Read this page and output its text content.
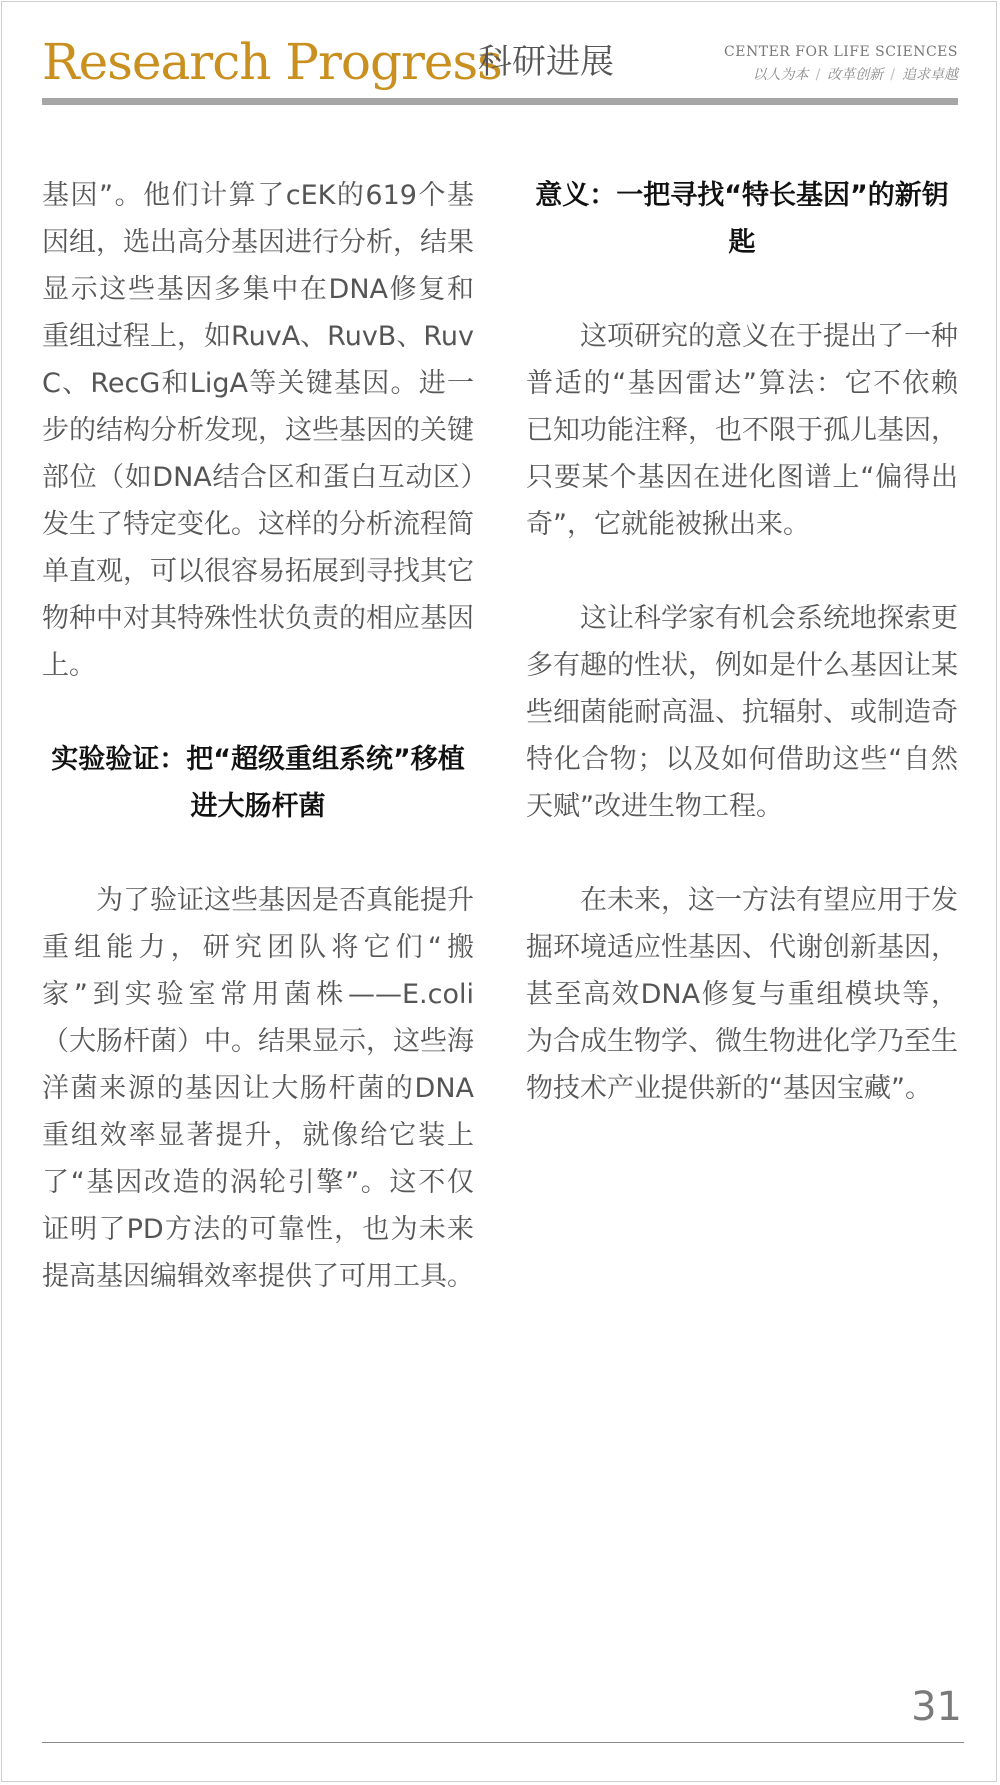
Research Progress
科研进展	CENTER FOR LIFE SCIENCES
以人为本 / 改革创新 / 追求卓越

基因”。他们计算了cEK的619个基因组，选出高分基因进行分析，结果显示这些基因多集中在DNA修复和重组过程上，如RuvA、RuvB、RuvC、RecG和LigA等关键基因。进一步的结构分析发现，这些基因的关键部位（如DNA结合区和蛋白互动区）发生了特定变化。这样的分析流程简单直观，可以很容易拓展到寻找其它物种中对其特殊性状负责的相应基因上。

实验验证：把“超级重组系统”移植进大肠杆菌

为了验证这些基因是否真能提升重组能力，研究团队将它们“搬家”到实验室常用菌株——E.coli（大肠杆菌）中。结果显示，这些海洋菌来源的基因让大肠杆菌的DNA重组效率显著提升，就像给它装上了“基因改造的涡轮引擎”。这不仅证明了PD方法的可靠性，也为未来提高基因编辑效率提供了可用工具。

意义：一把寻找“特长基因”的新钥匙

这项研究的意义在于提出了一种普适的“基因雷达”算法：它不依赖已知功能注释，也不限于孤儿基因，只要某个基因在进化图谱上“偏得出奇”，它就能被揪出来。

这让科学家有机会系统地探索更多有趣的性状，例如是什么基因让某些细菌能耐高温、抗辐射、或制造奇特化合物；以及如何借助这些“自然天赋”改进生物工程。

在未来，这一方法有望应用于发掘环境适应性基因、代谢创新基因，甚至高效DNA修复与重组模块等，为合成生物学、微生物进化学乃至生物技术产业提供新的“基因宝藏”。

31
